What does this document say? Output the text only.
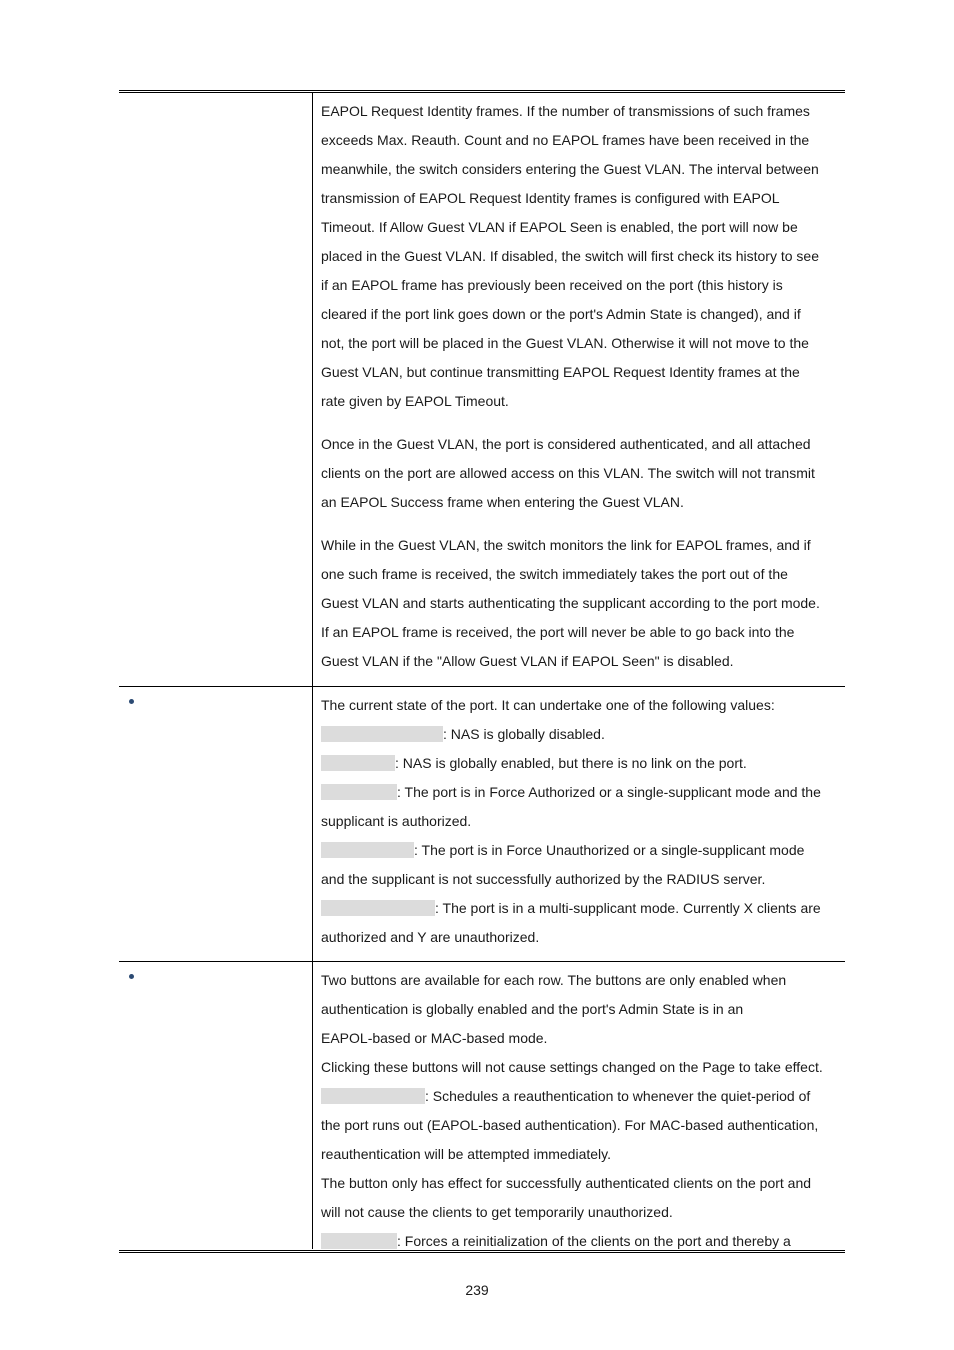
EAPOL Request Identity frames. If the number of transmissions of such frames

exceeds Max. Reauth. Count and no EAPOL frames have been received in the

meanwhile, the switch considers entering the Guest VLAN. The interval between

transmission of EAPOL Request Identity frames is configured with EAPOL

Timeout. If Allow Guest VLAN if EAPOL Seen is enabled, the port will now be

placed in the Guest VLAN. If disabled, the switch will first check its history to see

if an EAPOL frame has previously been received on the port (this history is

cleared if the port link goes down or the port's Admin State is changed), and if

not, the port will be placed in the Guest VLAN. Otherwise it will not move to the

Guest VLAN, but continue transmitting EAPOL Request Identity frames at the

rate given by EAPOL Timeout.

Once in the Guest VLAN, the port is considered authenticated, and all attached

clients on the port are allowed access on this VLAN. The switch will not transmit

an EAPOL Success frame when entering the Guest VLAN.

While in the Guest VLAN, the switch monitors the link for EAPOL frames, and if

one such frame is received, the switch immediately takes the port out of the

Guest VLAN and starts authenticating the supplicant according to the port mode.

If an EAPOL frame is received, the port will never be able to go back into the

Guest VLAN if the "Allow Guest VLAN if EAPOL Seen" is disabled.

The current state of the port. It can undertake one of the following values:

: NAS is globally disabled.

: NAS is globally enabled, but there is no link on the port.

: The port is in Force Authorized or a single-supplicant mode and the

supplicant is authorized.

: The port is in Force Unauthorized or a single-supplicant mode

and the supplicant is not successfully authorized by the RADIUS server.

: The port is in a multi-supplicant mode. Currently X clients are

authorized and Y are unauthorized.

Two buttons are available for each row. The buttons are only enabled when

authentication is globally enabled and the port's Admin State is in an

EAPOL-based or MAC-based mode.

Clicking these buttons will not cause settings changed on the Page to take effect.

: Schedules a reauthentication to whenever the quiet-period of

the port runs out (EAPOL-based authentication). For MAC-based authentication,

reauthentication will be attempted immediately.

The button only has effect for successfully authenticated clients on the port and

will not cause the clients to get temporarily unauthorized.

: Forces a reinitialization of the clients on the port and thereby a

239
